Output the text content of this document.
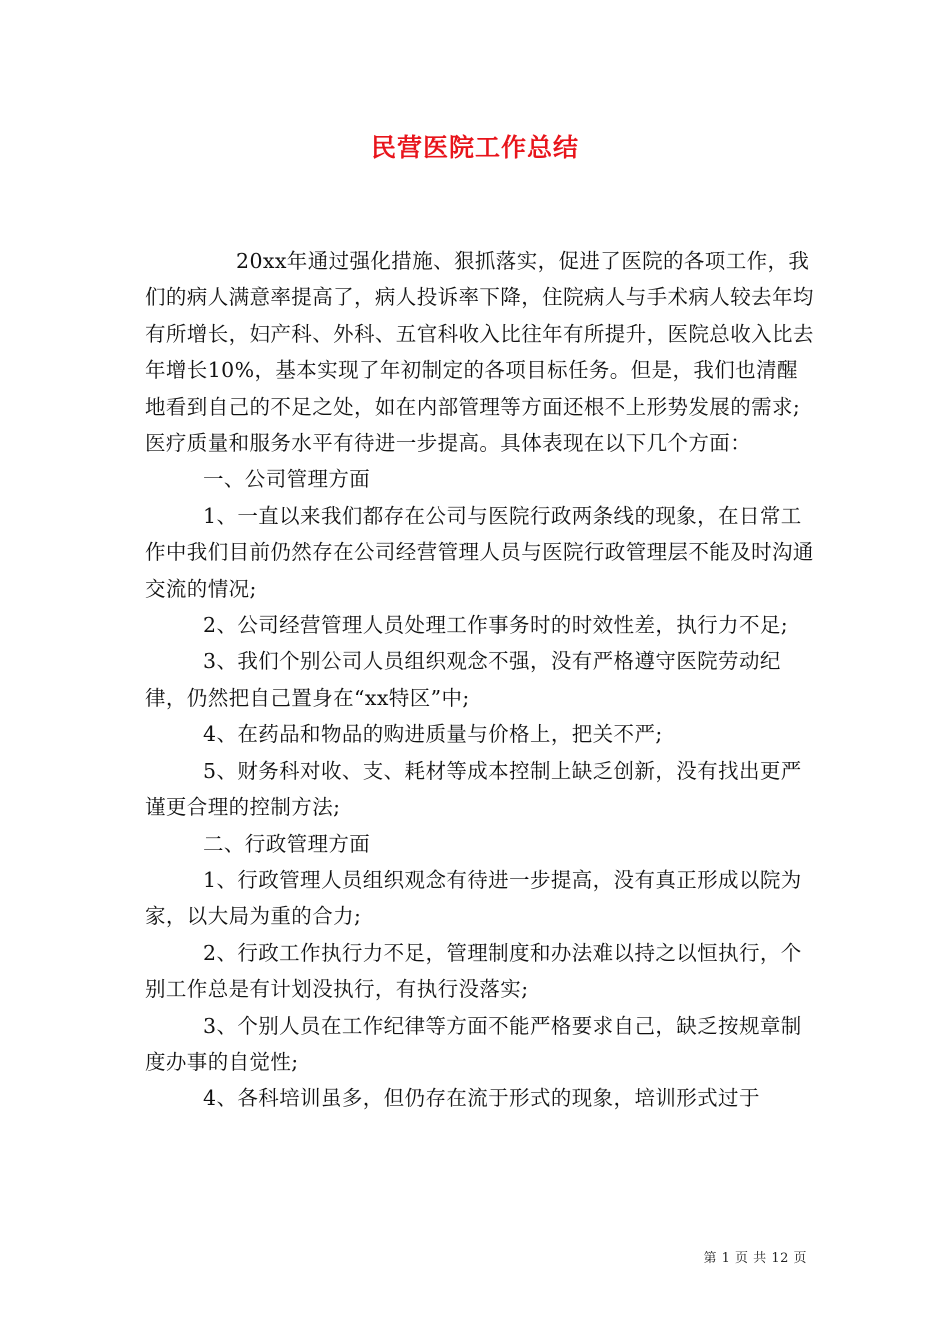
民营医院工作总结

20xx年通过强化措施、狠抓落实，促进了医院的各项工作，我们的病人满意率提高了，病人投诉率下降，住院病人与手术病人较去年均有所增长，妇产科、外科、五官科收入比往年有所提升，医院总收入比去年增长10%，基本实现了年初制定的各项目标任务。但是，我们也清醒地看到自己的不足之处，如在内部管理等方面还根不上形势发展的需求;医疗质量和服务水平有待进一步提高。具体表现在以下几个方面：

一、公司管理方面

1、一直以来我们都存在公司与医院行政两条线的现象，在日常工作中我们目前仍然存在公司经营管理人员与医院行政管理层不能及时沟通交流的情况;

2、公司经营管理人员处理工作事务时的时效性差，执行力不足;

3、我们个别公司人员组织观念不强，没有严格遵守医院劳动纪律，仍然把自己置身在“xx特区”中;

4、在药品和物品的购进质量与价格上，把关不严;

5、财务科对收、支、耗材等成本控制上缺乏创新，没有找出更严谨更合理的控制方法;

二、行政管理方面

1、行政管理人员组织观念有待进一步提高，没有真正形成以院为家，以大局为重的合力;

2、行政工作执行力不足，管理制度和办法难以持之以恒执行，个别工作总是有计划没执行，有执行没落实;

3、个别人员在工作纪律等方面不能严格要求自己，缺乏按规章制度办事的自觉性;

4、各科培训虽多，但仍存在流于形式的现象，培训形式过于

第 1 页 共 12 页
